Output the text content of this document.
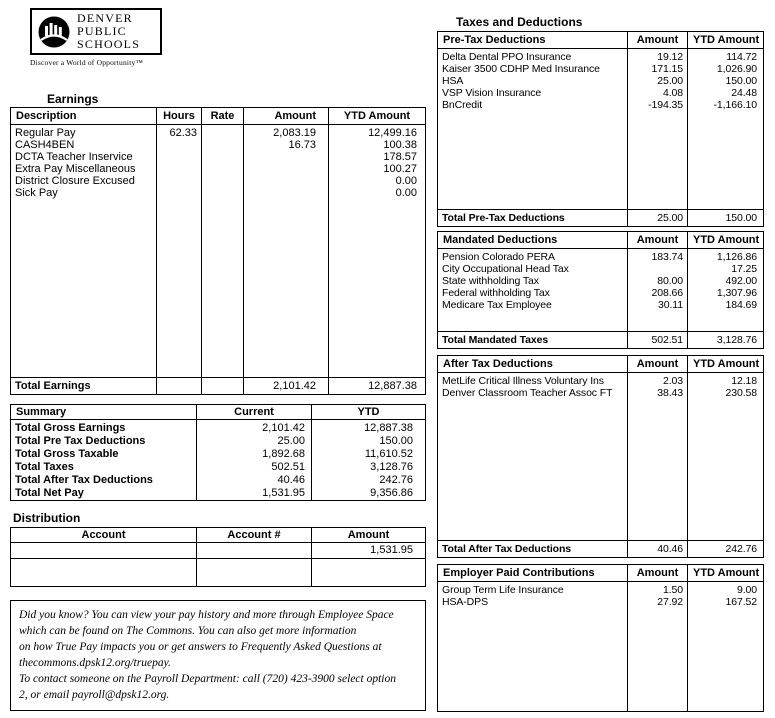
DENVER
PUBLIC
SCHOOLS
Discover a World of Opportunity™
Earnings
Description	Hours	Rate	Amount	YTD Amount
Regular Pay	62.33		2,083.19	12,499.16
CASH4BEN			16.73	100.38
DCTA Teacher Inservice				178.57
Extra Pay Miscellaneous				100.27
District Closure Excused				0.00
Sick Pay				0.00

Total Earnings			2,101.42	12,887.38
Summary	Current	YTD
Total Gross Earnings	2,101.42	12,887.38
Total Pre Tax Deductions	25.00	150.00
Total Gross Taxable	1,892.68	11,610.52
Total Taxes	502.51	3,128.76
Total After Tax Deductions	40.46	242.76
Total Net Pay	1,531.95	9,356.86
Distribution
Account	Account #	Amount
		1,531.95

Did you know? You can view your pay history and more through Employee Space
which can be found on The Commons. You can also get more information
on how True Pay impacts you or get answers to Frequently Asked Questions at
thecommons.dpsk12.org/truepay.
To contact someone on the Payroll Department: call (720) 423-3900 select option
2, or email payroll@dpsk12.org.
Taxes and Deductions
Pre-Tax Deductions	Amount	YTD Amount
Delta Dental PPO Insurance	19.12	114.72
Kaiser 3500 CDHP Med Insurance	171.15	1,026.90
HSA	25.00	150.00
VSP Vision Insurance	4.08	24.48
BnCredit	-194.35	-1,166.10

Total Pre-Tax Deductions	25.00	150.00
Mandated Deductions	Amount	YTD Amount
Pension Colorado PERA	183.74	1,126.86
City Occupational Head Tax		17.25
State withholding Tax	80.00	492.00
Federal withholding Tax	208.66	1,307.96
Medicare Tax Employee	30.11	184.69

Total Mandated Taxes	502.51	3,128.76
After Tax Deductions	Amount	YTD Amount
MetLife Critical Illness Voluntary Ins	2.03	12.18
Denver Classroom Teacher Assoc FT	38.43	230.58

Total After Tax Deductions	40.46	242.76
Employer Paid Contributions	Amount	YTD Amount
Group Term Life Insurance	1.50	9.00
HSA-DPS	27.92	167.52
